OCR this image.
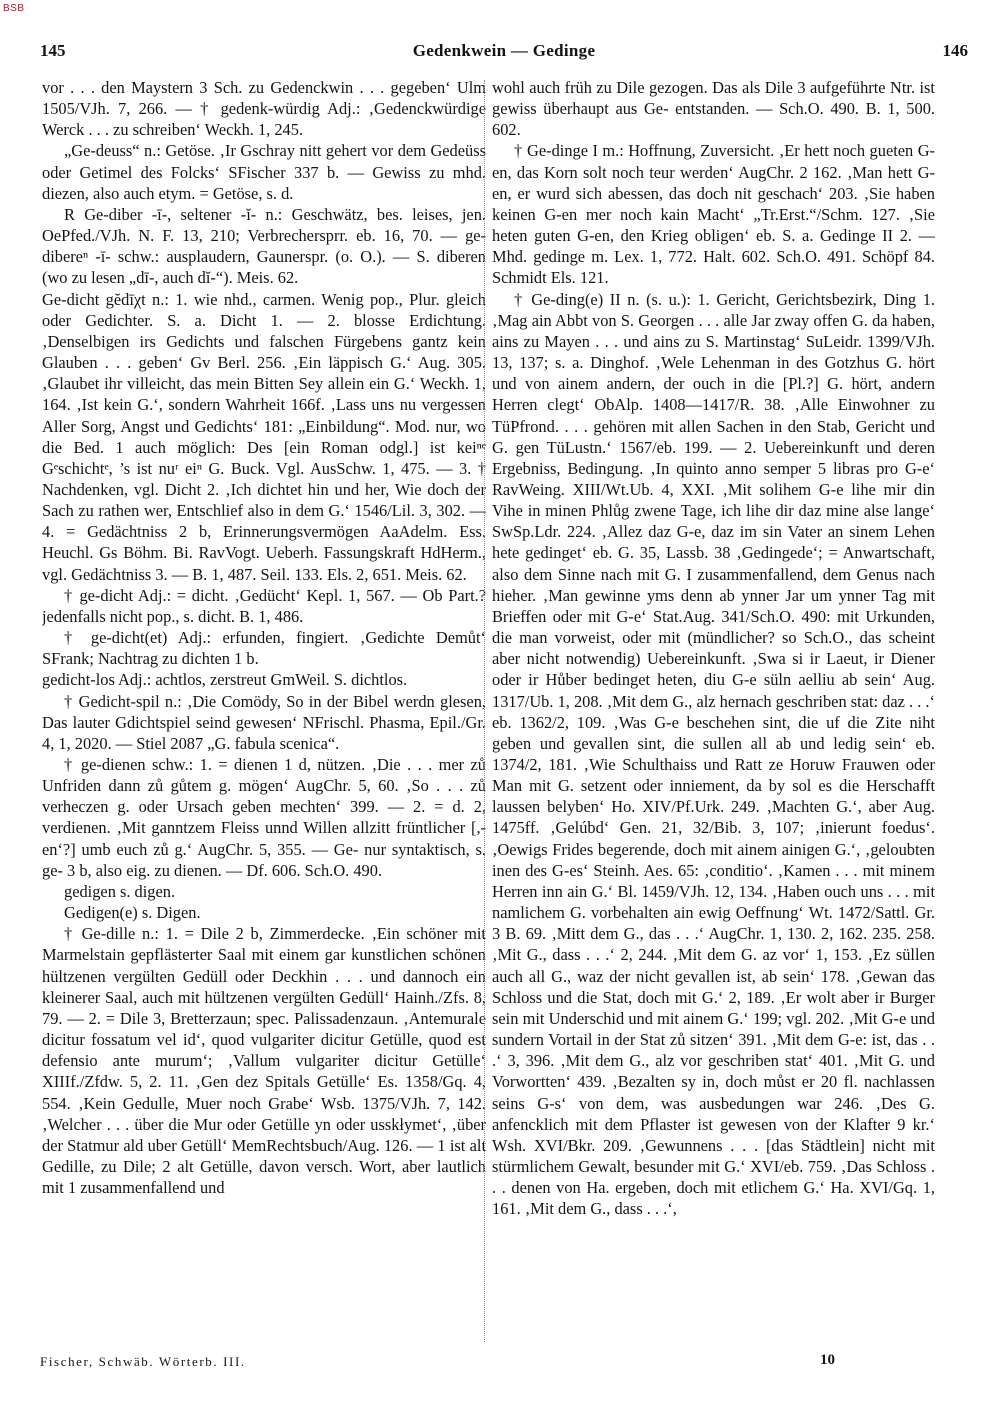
BSB
145	Gedenkwein — Gedinge	146

vor . . . den Maystern 3 Sch. zu Gedenckwin . . . gegeben‘ Ulm 1505/VJh. 7, 266. — † gedenk-würdig Adj.: ‚Gedenckwürdige Werck . . . zu schreiben‘ Weckh. 1, 245.

„Ge-deuss“ n.: Getöse. ‚Ir Gschray nitt gehert vor dem Gedeüss oder Getimel des Folcks‘ SFischer 337 b. — Gewiss zu mhd. diezen, also auch etym. = Getöse, s. d.

R Ge-diber -ī-, seltener -ĭ- n.: Geschwätz, bes. leises, jen. OePfed./VJh. N. F. 13, 210; Verbrechersprr. eb. 16, 70. — ge-dibereⁿ -ī- schw.: ausplaudern, Gaunerspr. (o. O.). — S. diberen (wo zu lesen „dī-, auch dĭ-“). Meis. 62.

Ge-dicht gĕdīχt n.: 1. wie nhd., carmen. Wenig pop., Plur. gleich oder Gedichter. S. a. Dicht 1. — 2. blosse Erdichtung. ‚Denselbigen irs Gedichts und falschen Fürgebens gantz kein Glauben . . . geben‘ Gv Berl. 256. ‚Ein läppisch G.‘ Aug. 305. ‚Glaubet ihr villeicht, das mein Bitten Sey allein ein G.‘ Weckh. 1, 164. ‚Ist kein G.‘, sondern Wahrheit 166f. ‚Lass uns nu vergessen Aller Sorg, Angst und Gedichts‘ 181: „Einbildung“. Mod. nur, wo die Bed. 1 auch möglich: Des [ein Roman odgl.] ist keiⁿᵉ Gᵉschichtᵉ, ’s ist nuʳ eiⁿ G. Buck. Vgl. AusSchw. 1, 475. — 3. † Nachdenken, vgl. Dicht 2. ‚Ich dichtet hin und her, Wie doch der Sach zu rathen wer, Entschlief also in dem G.‘ 1546/Lil. 3, 302. — 4. = Gedächtniss 2 b, Erinnerungsvermögen AaAdelm. Ess. Heuchl. Gs Böhm. Bi. RavVogt. Ueberh. Fassungskraft HdHerm., vgl. Gedächtniss 3. — B. 1, 487. Seil. 133. Els. 2, 651. Meis. 62.

† ge-dicht Adj.: = dicht. ‚Gedücht‘ Kepl. 1, 567. — Ob Part.? jedenfalls nicht pop., s. dicht. B. 1, 486.

† ge-dicht(et) Adj.: erfunden, fingiert. ‚Gedichte Demůt‘ SFrank; Nachtrag zu dichten 1 b.

gedicht-los Adj.: achtlos, zerstreut GmWeil. S. dichtlos.

† Gedicht-spil n.: ‚Die Comödy, So in der Bibel werdn glesen, Das lauter Gdichtspiel seind gewesen‘ NFrischl. Phasma, Epil./Gr. 4, 1, 2020. — Stiel 2087 „G. fabula scenica“.

† ge-dienen schw.: 1. = dienen 1 d, nützen. ‚Die . . . mer zů Unfriden dann zů gůtem g. mögen‘ AugChr. 5, 60. ‚So . . . zů verheczen g. oder Ursach geben mechten‘ 399. — 2. = d. 2, verdienen. ‚Mit ganntzem Fleiss unnd Willen allzitt früntlicher [,-en‘?] umb euch zů g.‘ AugChr. 5, 355. — Ge- nur syntaktisch, s. ge- 3 b, also eig. zu dienen. — Df. 606. Sch.O. 490.

gedigen s. digen.

Gedigen(e) s. Digen.

† Ge-dille n.: 1. = Dile 2 b, Zimmerdecke. ‚Ein schöner mit Marmelstain gepflästerter Saal mit einem gar kunstlichen schönen hültzenen vergülten Gedüll oder Deckhin . . . und dannoch ein kleinerer Saal, auch mit hültzenen vergülten Gedüll‘ Hainh./Zfs. 8, 79. — 2. = Dile 3, Bretterzaun; spec. Palissadenzaun. ‚Antemurale dicitur fossatum vel id‘, quod vulgariter dicitur Getülle, quod est defensio ante murum‘; ‚Vallum vulgariter dicitur Getülle‘ XIIIf./Zfdw. 5, 2. 11. ‚Gen dez Spitals Getülle‘ Es. 1358/Gq. 4, 554. ‚Kein Gedulle, Muer noch Grabe‘ Wsb. 1375/VJh. 7, 142. ‚Welcher . . . über die Mur oder Getülle yn oder usskłymet‘, ‚über der Statmur ald uber Getüll‘ MemRechtsbuch/Aug. 126. — 1 ist alt Gedille, zu Dile; 2 alt Getülle, davon versch. Wort, aber lautlich mit 1 zusammenfallend und

wohl auch früh zu Dile gezogen. Das als Dile 3 aufgeführte Ntr. ist gewiss überhaupt aus Ge- entstanden. — Sch.O. 490. B. 1, 500. 602.

† Ge-dinge I m.: Hoffnung, Zuversicht. ‚Er hett noch gueten G-en, das Korn solt noch teur werden‘ AugChr. 2 162. ‚Man hett G-en, er wurd sich abessen, das doch nit geschach‘ 203. ‚Sie haben keinen G-en mer noch kain Macht‘ „Tr.Erst.“/Schm. 127. ‚Sie heten guten G-en, den Krieg obligen‘ eb. S. a. Gedinge II 2. — Mhd. gedinge m. Lex. 1, 772. Halt. 602. Sch.O. 491. Schöpf 84. Schmidt Els. 121.

† Ge-ding(e) II n. (s. u.): 1. Gericht, Gerichtsbezirk, Ding 1. ‚Mag ain Abbt von S. Georgen . . . alle Jar zway offen G. da haben, ains zu Mayen . . . und ains zu S. Martinstag‘ SuLeidr. 1399/VJh. 13, 137; s. a. Dinghof. ‚Wele Lehenman in des Gotzhus G. hört und von ainem andern, der ouch in die [Pl.?] G. hört, andern Herren clegt‘ ObAlp. 1408—1417/R. 38. ‚Alle Einwohner zu TüPfrond. . . . gehören mit allen Sachen in den Stab, Gericht und G. gen TüLustn.‘ 1567/eb. 199. — 2. Uebereinkunft und deren Ergebniss, Bedingung. ‚In quinto anno semper 5 libras pro G-e‘ RavWeing. XIII/Wt.Ub. 4, XXI. ‚Mit solihem G-e lihe mir din Vihe in minen Phlůg zwene Tage, ich lihe dir daz mine alse lange‘ SwSp.Ldr. 224. ‚Allez daz G-e, daz im sin Vater an sinem Lehen hete gedinget‘ eb. G. 35, Lassb. 38 ‚Gedingede‘; = Anwartschaft, also dem Sinne nach mit G. I zusammenfallend, dem Genus nach hieher. ‚Man gewinne yms denn ab ynner Jar um ynner Tag mit Brieffen oder mit G-e‘ Stat.Aug. 341/Sch.O. 490: mit Urkunden, die man vorweist, oder mit (mündlicher? so Sch.O., das scheint aber nicht notwendig) Uebereinkunft. ‚Swa si ir Laeut, ir Diener oder ir Hůber bedinget heten, diu G-e süln aelliu ab sein‘ Aug. 1317/Ub. 1, 208. ‚Mit dem G., alz hernach geschriben stat: daz . . .‘ eb. 1362/2, 109. ‚Was G-e beschehen sint, die uf die Zite niht geben und gevallen sint, die sullen all ab und ledig sein‘ eb. 1374/2, 181. ‚Wie Schulthaiss und Ratt ze Horuw Frauwen oder Man mit G. setzent oder inniement, da by sol es die Herschafft laussen belyben‘ Ho. XIV/Pf.Urk. 249. ‚Machten G.‘, aber Aug. 1475ff. ‚Gelúbd‘ Gen. 21, 32/Bib. 3, 107; ‚inierunt foedus‘. ‚Oewigs Frides begerende, doch mit ainem ainigen G.‘, ‚geloubten inen des G-es‘ Steinh. Aes. 65: ‚conditio‘. ‚Kamen . . . mit minem Herren inn ain G.‘ Bl. 1459/VJh. 12, 134. ‚Haben ouch uns . . . mit namlichem G. vorbehalten ain ewig Oeffnung‘ Wt. 1472/Sattl. Gr. 3 B. 69. ‚Mitt dem G., das . . .‘ AugChr. 1, 130. 2, 162. 235. 258. ‚Mit G., dass . . .‘ 2, 244. ‚Mit dem G. az vor‘ 1, 153. ‚Ez süllen auch all G., waz der nicht gevallen ist, ab sein‘ 178. ‚Gewan das Schloss und die Stat, doch mit G.‘ 2, 189. ‚Er wolt aber ir Burger sein mit Underschid und mit ainem G.‘ 199; vgl. 202. ‚Mit G-e und sundern Vortail in der Stat zů sitzen‘ 391. ‚Mit dem G-e: ist, das . . .‘ 3, 396. ‚Mit dem G., alz vor geschriben stat‘ 401. ‚Mit G. und Vorwortten‘ 439. ‚Bezalten sy in, doch můst er 20 fl. nachlassen seins G-s‘ von dem, was ausbedungen war 246. ‚Des G. anfencklich mit dem Pflaster ist gewesen von der Klafter 9 kr.‘ Wsh. XVI/Bkr. 209. ‚Gewunnens . . . [das Städtlein] nicht mit stürmlichem Gewalt, besunder mit G.‘ XVI/eb. 759. ‚Das Schloss . . . denen von Ha. ergeben, doch mit etlichem G.‘ Ha. XVI/Gq. 1, 161. ‚Mit dem G., dass . . .‘,

Fischer, Schwäb. Wörterb. III.	10
